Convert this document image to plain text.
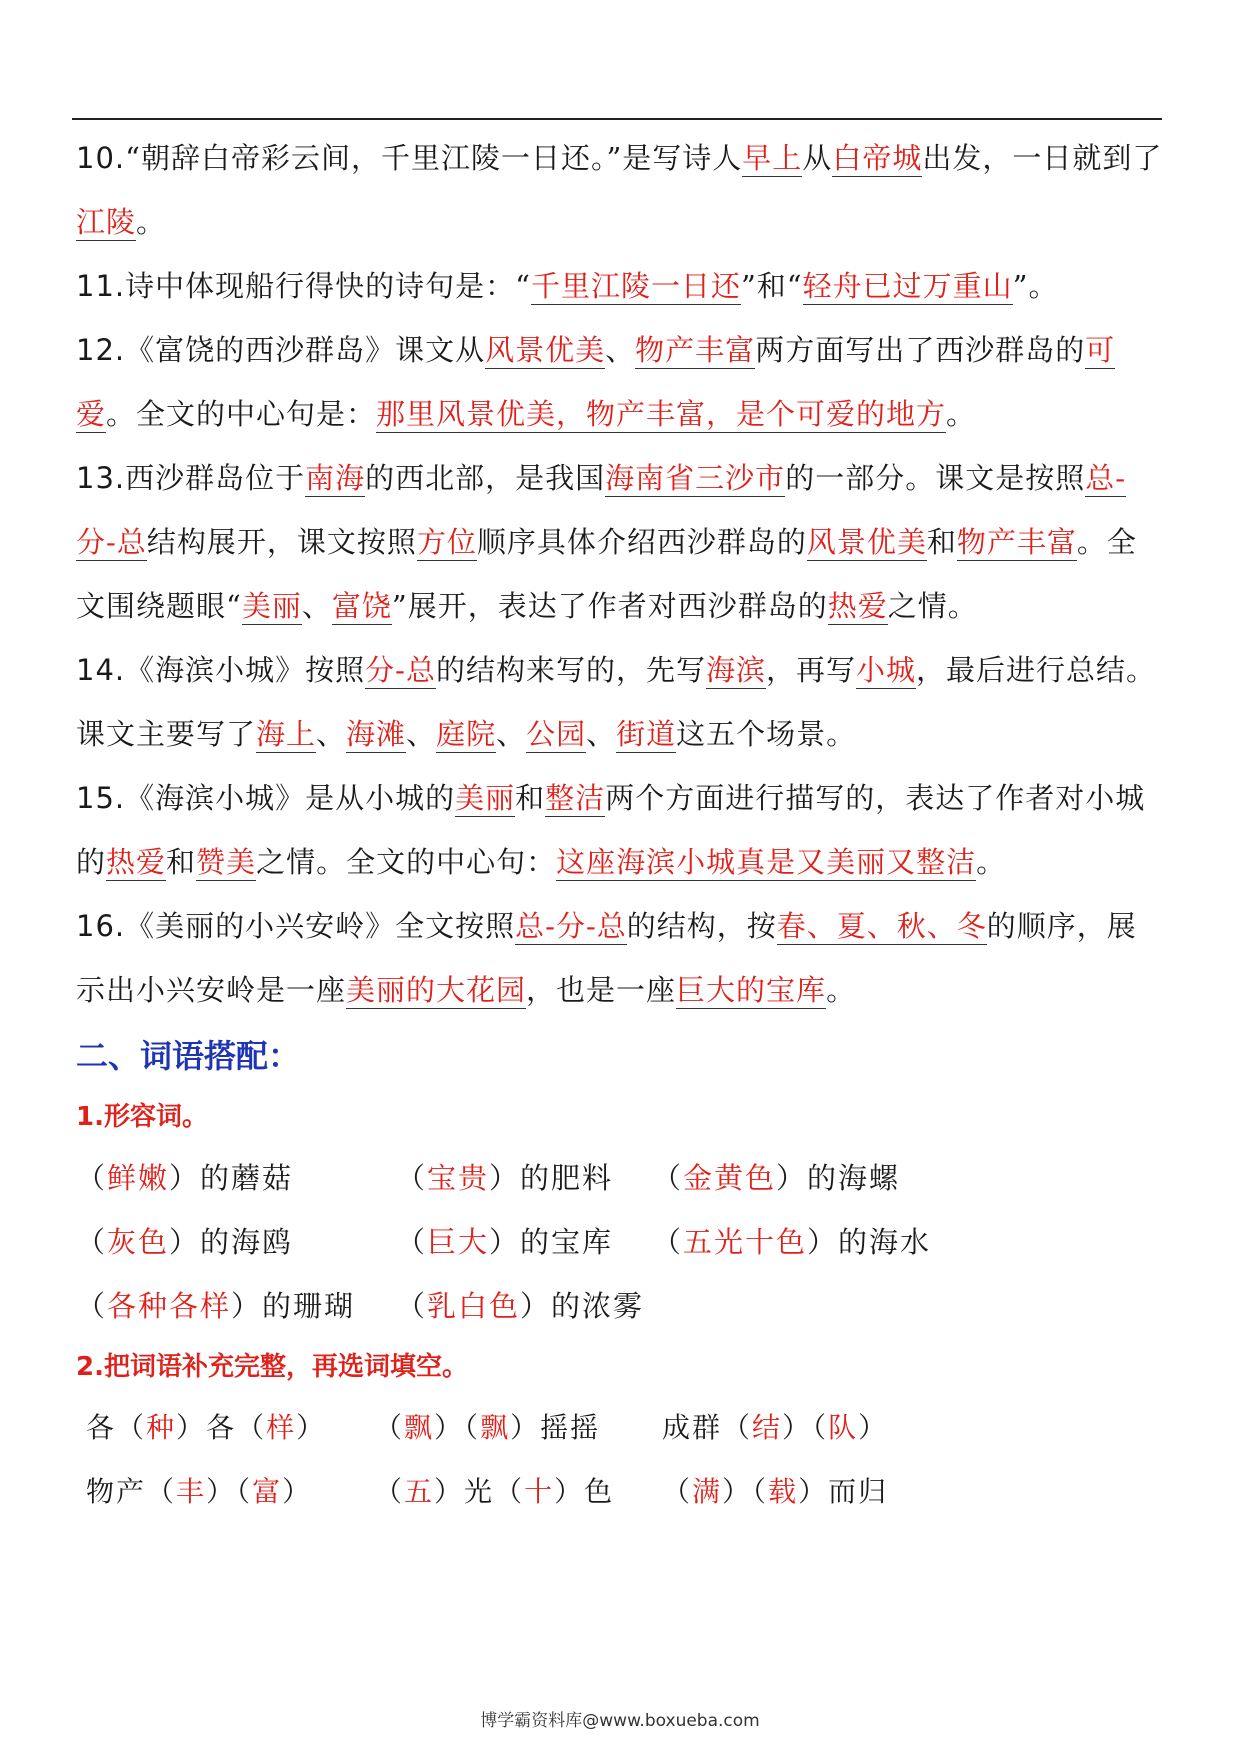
10.“朝辞白帝彩云间，千里江陵一日还。”是写诗人早上从白帝城出发，一日就到了江陵。

11.诗中体现船行得快的诗句是：“千里江陵一日还”和“轻舟已过万重山”。

12.《富饶的西沙群岛》课文从风景优美、物产丰富两方面写出了西沙群岛的可爱。全文的中心句是：那里风景优美，物产丰富，是个可爱的地方。

13.西沙群岛位于南海的西北部，是我国海南省三沙市的一部分。课文是按照总-分-总结构展开，课文按照方位顺序具体介绍西沙群岛的风景优美和物产丰富。全文围绕题眼“美丽、富饶”展开，表达了作者对西沙群岛的热爱之情。

14.《海滨小城》按照分-总的结构来写的，先写海滨，再写小城，最后进行总结。课文主要写了海上、海滩、庭院、公园、街道这五个场景。

15.《海滨小城》是从小城的美丽和整洁两个方面进行描写的，表达了作者对小城的热爱和赞美之情。全文的中心句：这座海滨小城真是又美丽又整洁。

16.《美丽的小兴安岭》全文按照总-分-总的结构，按春、夏、秋、冬的顺序，展示出小兴安岭是一座美丽的大花园，也是一座巨大的宝库。

二、词语搭配：
1.形容词。
（鲜嫩）的蘑菇	（宝贵）的肥料 （金黄色）的海螺
（灰色）的海鸥	（巨大）的宝库 （五光十色）的海水
（各种各样）的珊瑚 （乳白色）的浓雾
2.把词语补充完整，再选词填空。
各（种）各（样） （飘）（飘）摇摇 成群（结）（队）
物产（丰）（富） （五）光（十）色 （满）（载）而归
博学霸资料库@www.boxueba.com
